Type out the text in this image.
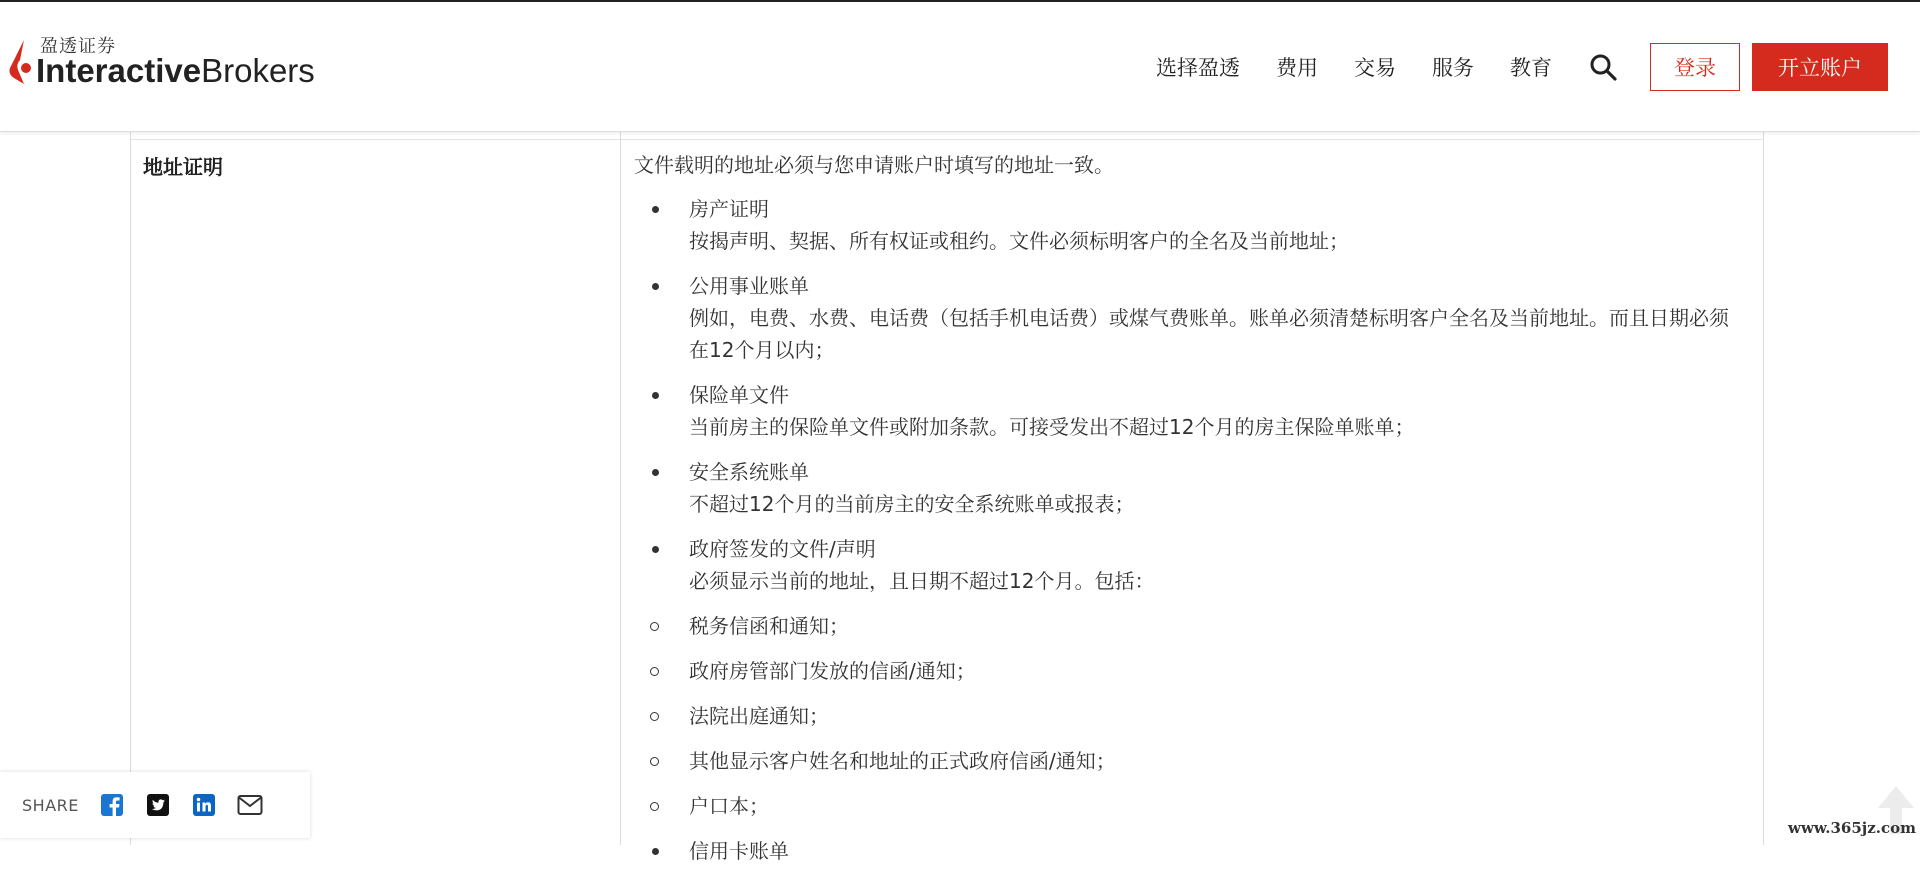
盈透证券
InteractiveBrokers	选择盈透 费用 交易 服务 教育	登录	开立账户
地址证明	文件载明的地址必须与您申请账户时填写的地址一致。

房产证明
按揭声明、契据、所有权证或租约。文件必须标明客户的全名及当前地址；
公用事业账单
例如，电费、水费、电话费（包括手机电话费）或煤气费账单。账单必须清楚标明客户全名及当前地址。而且日期必须在12个月以内；
保险单文件
当前房主的保险单文件或附加条款。可接受发出不超过12个月的房主保险单账单；
安全系统账单
不超过12个月的当前房主的安全系统账单或报表；
政府签发的文件/声明
必须显示当前的地址，且日期不超过12个月。包括：
税务信函和通知；
政府房管部门发放的信函/通知；
法院出庭通知；
其他显示客户姓名和地址的正式政府信函/通知；
户口本；
信用卡账单
SHARE
www.365jz.com
